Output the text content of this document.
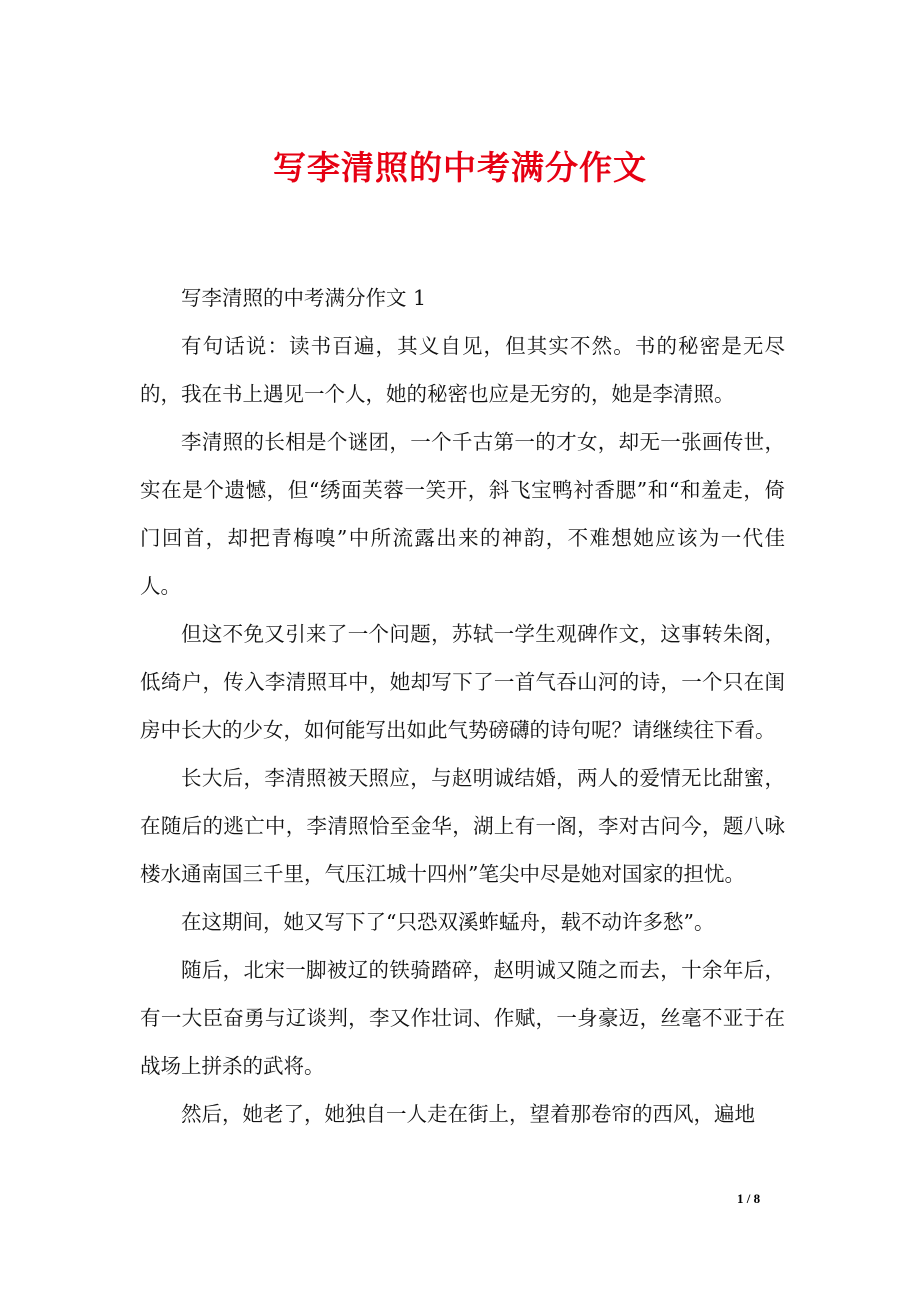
写李清照的中考满分作文

写李清照的中考满分作文 1

有句话说：读书百遍，其义自见，但其实不然。书的秘密是无尽的，我在书上遇见一个人，她的秘密也应是无穷的，她是李清照。

李清照的长相是个谜团，一个千古第一的才女，却无一张画传世，实在是个遗憾，但“绣面芙蓉一笑开，斜飞宝鸭衬香腮”和“和羞走，倚门回首，却把青梅嗅”中所流露出来的神韵，不难想她应该为一代佳人。

但这不免又引来了一个问题，苏轼一学生观碑作文，这事转朱阁，低绮户，传入李清照耳中，她却写下了一首气吞山河的诗，一个只在闺房中长大的少女，如何能写出如此气势磅礴的诗句呢？请继续往下看。

长大后，李清照被天照应，与赵明诚结婚，两人的爱情无比甜蜜，在随后的逃亡中，李清照恰至金华，湖上有一阁，李对古问今，题八咏楼水通南国三千里，气压江城十四州”笔尖中尽是她对国家的担忧。

在这期间，她又写下了“只恐双溪蚱蜢舟，载不动许多愁”。

随后，北宋一脚被辽的铁骑踏碎，赵明诚又随之而去，十余年后，有一大臣奋勇与辽谈判，李又作壮词、作赋，一身豪迈，丝毫不亚于在战场上拼杀的武将。

然后，她老了，她独自一人走在街上，望着那卷帘的西风，遍地

1 / 8
